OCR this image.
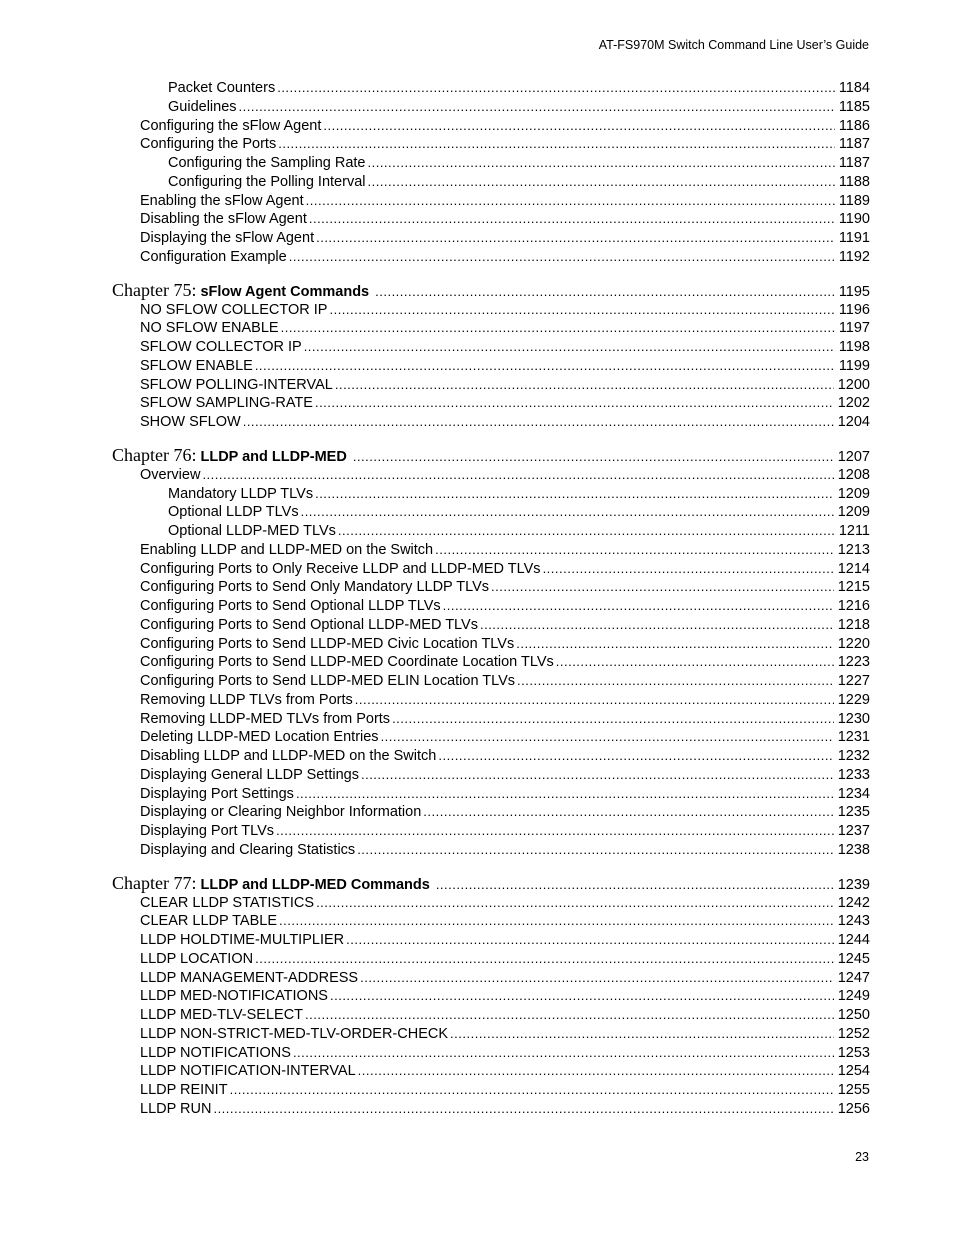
AT-FS970M Switch Command Line User’s Guide
Packet Counters .....	1184
Guidelines .....	1185
Configuring the sFlow Agent .....	1186
Configuring the Ports .....	1187
Configuring the Sampling Rate .....	1187
Configuring the Polling Interval .....	1188
Enabling the sFlow Agent .....	1189
Disabling the sFlow Agent .....	1190
Displaying the sFlow Agent .....	1191
Configuration Example .....	1192
Chapter 75: sFlow Agent Commands .....	1195
NO SFLOW COLLECTOR IP .....	1196
NO SFLOW ENABLE .....	1197
SFLOW COLLECTOR IP .....	1198
SFLOW ENABLE .....	1199
SFLOW POLLING-INTERVAL .....	1200
SFLOW SAMPLING-RATE .....	1202
SHOW SFLOW .....	1204
Chapter 76: LLDP and LLDP-MED .....	1207
Overview .....	1208
Mandatory LLDP TLVs .....	1209
Optional LLDP TLVs .....	1209
Optional LLDP-MED TLVs .....	1211
Enabling LLDP and LLDP-MED on the Switch .....	1213
Configuring Ports to Only Receive LLDP and LLDP-MED TLVs .....	1214
Configuring Ports to Send Only Mandatory LLDP TLVs .....	1215
Configuring Ports to Send Optional LLDP TLVs .....	1216
Configuring Ports to Send Optional LLDP-MED TLVs .....	1218
Configuring Ports to Send LLDP-MED Civic Location TLVs .....	1220
Configuring Ports to Send LLDP-MED Coordinate Location TLVs .....	1223
Configuring Ports to Send LLDP-MED ELIN Location TLVs .....	1227
Removing LLDP TLVs from Ports .....	1229
Removing LLDP-MED TLVs from Ports .....	1230
Deleting LLDP-MED Location Entries .....	1231
Disabling LLDP and LLDP-MED on the Switch .....	1232
Displaying General LLDP Settings .....	1233
Displaying Port Settings .....	1234
Displaying or Clearing Neighbor Information .....	1235
Displaying Port TLVs .....	1237
Displaying and Clearing Statistics .....	1238
Chapter 77: LLDP and LLDP-MED Commands .....	1239
CLEAR LLDP STATISTICS .....	1242
CLEAR LLDP TABLE .....	1243
LLDP HOLDTIME-MULTIPLIER .....	1244
LLDP LOCATION .....	1245
LLDP MANAGEMENT-ADDRESS .....	1247
LLDP MED-NOTIFICATIONS .....	1249
LLDP MED-TLV-SELECT .....	1250
LLDP NON-STRICT-MED-TLV-ORDER-CHECK .....	1252
LLDP NOTIFICATIONS .....	1253
LLDP NOTIFICATION-INTERVAL .....	1254
LLDP REINIT .....	1255
LLDP RUN .....	1256
23
